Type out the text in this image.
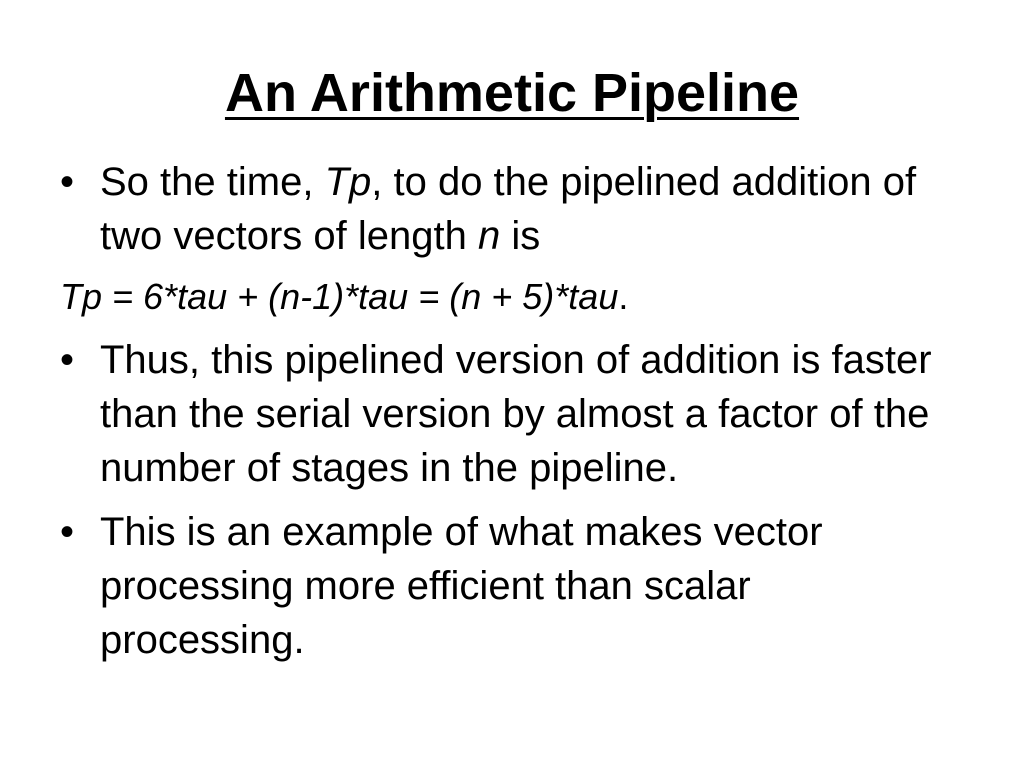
An Arithmetic Pipeline
• So the time, Tp, to do the pipelined addition of two vectors of length n is
Tp = 6*tau + (n-1)*tau = (n + 5)*tau.
• Thus, this pipelined version of addition is faster than the serial version by almost a factor of the number of stages in the pipeline.
• This is an example of what makes vector processing more efficient than scalar processing.
